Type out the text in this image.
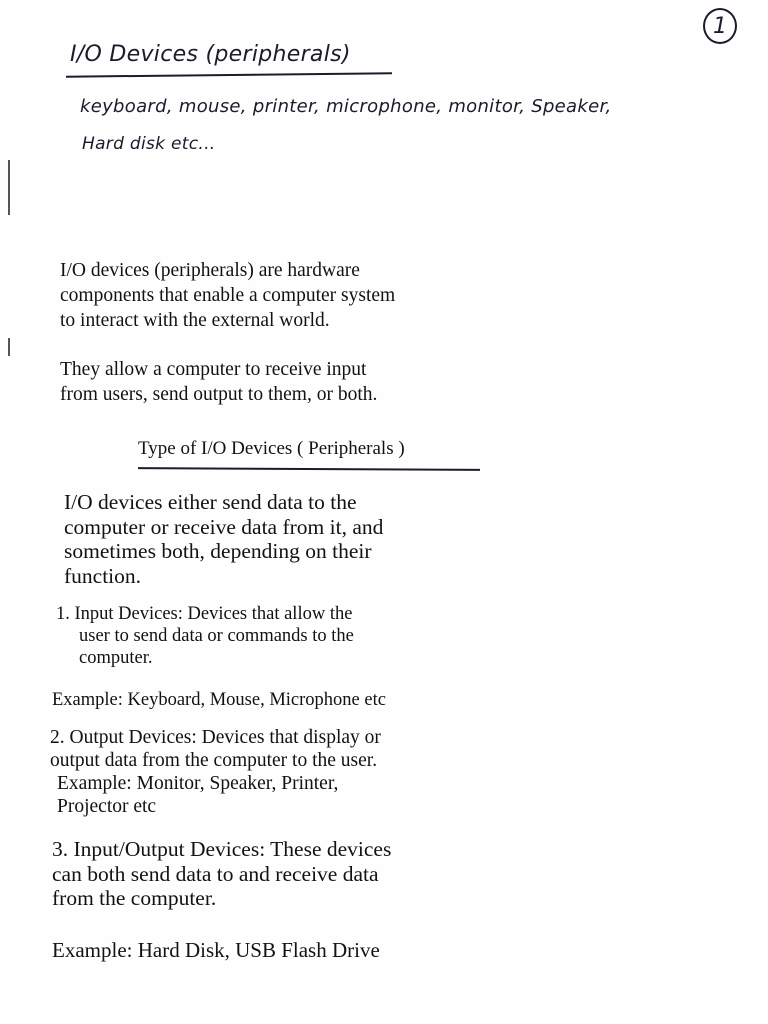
1
I/O Devices (peripherals)
keyboard, mouse, printer, microphone, monitor, Speaker,
Hard disk etc...
I/O devices (peripherals) are hardware
components that enable a computer system
to interact with the external world.
They allow a computer to receive input
from users, send output to them, or both.
Type of I/O Devices ( Peripherals )
I/O devices either send data to the
computer or receive data from it, and
sometimes both, depending on their
function.
1. Input Devices: Devices that allow the
user to send data or commands to the
computer.
Example: Keyboard, Mouse, Microphone etc
2. Output Devices: Devices that display or
output data from the computer to the user.
Example: Monitor, Speaker, Printer,
Projector etc
3. Input/Output Devices: These devices
can both send data to and receive data
from the computer.
Example: Hard Disk, USB Flash Drive
